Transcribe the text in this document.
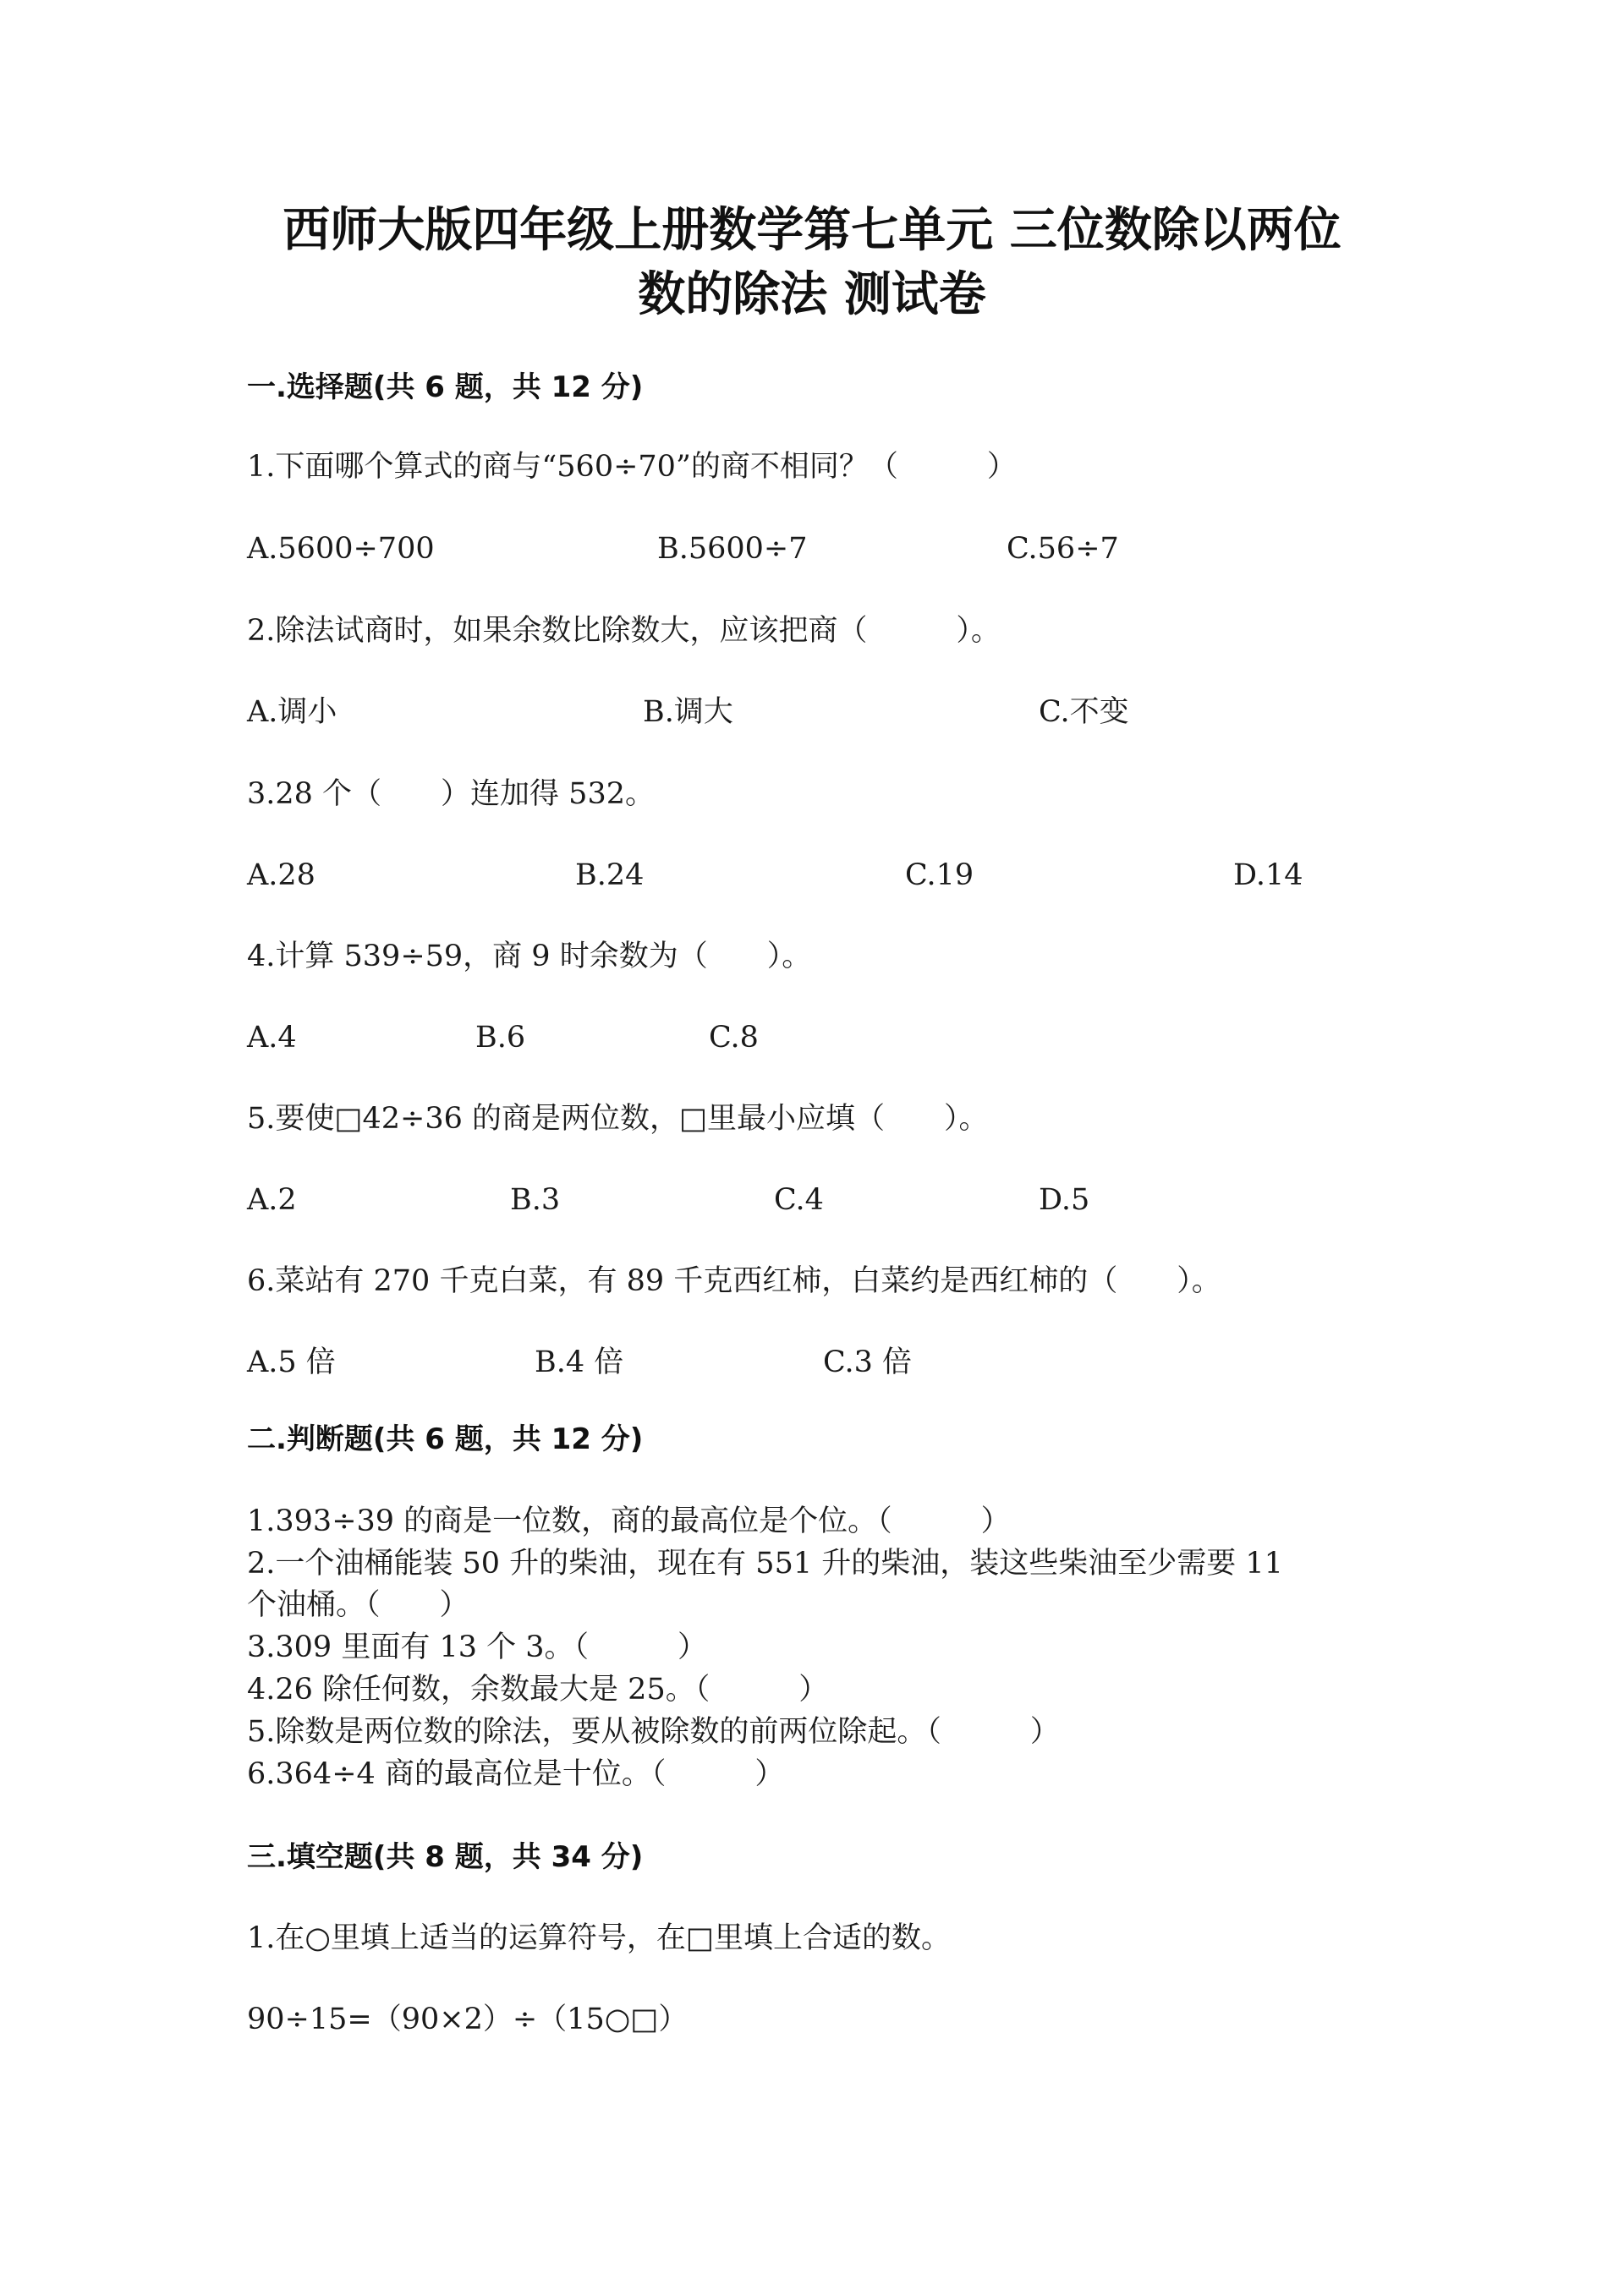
西师大版四年级上册数学第七单元 三位数除以两位
数的除法 测试卷
一.选择题(共 6 题，共 12 分)
1.下面哪个算式的商与“560÷70”的商不相同？（　　　）
A.5600÷700	B.5600÷7	C.56÷7
2.除法试商时，如果余数比除数大，应该把商（　　　）。
A.调小	B.调大	C.不变
3.28 个（　　）连加得 532。
A.28	B.24	C.19	D.14
4.计算 539÷59，商 9 时余数为（　　）。
A.4	B.6	C.8
5.要使□42÷36 的商是两位数，□里最小应填（　　）。
A.2	B.3	C.4	D.5
6.菜站有 270 千克白菜，有 89 千克西红柿，白菜约是西红柿的（　　）。
A.5 倍	B.4 倍	C.3 倍
二.判断题(共 6 题，共 12 分)
1.393÷39 的商是一位数，商的最高位是个位。（　　　）
2.一个油桶能装 50 升的柴油，现在有 551 升的柴油，装这些柴油至少需要 11
个油桶。（　　）
3.309 里面有 13 个 3。（　　　）
4.26 除任何数，余数最大是 25。（　　　）
5.除数是两位数的除法，要从被除数的前两位除起。（　　　）
6.364÷4 商的最高位是十位。（　　　）
三.填空题(共 8 题，共 34 分)
1.在○里填上适当的运算符号，在□里填上合适的数。
90÷15=（90×2）÷（15○□）
